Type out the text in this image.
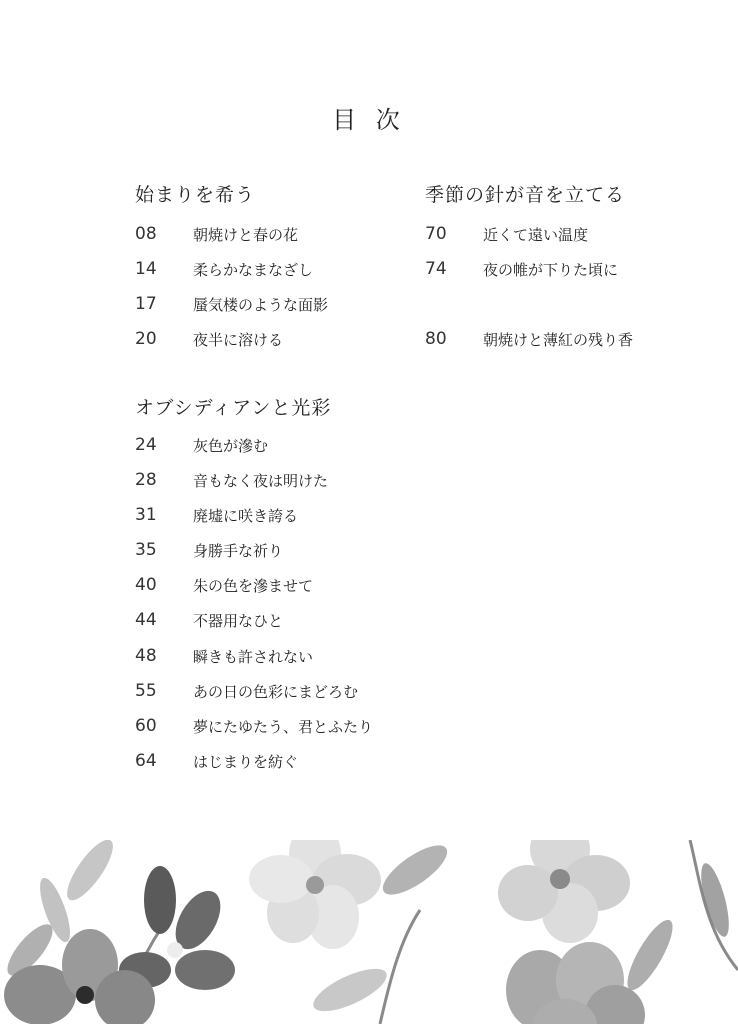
目 次
始まりを希う
08	朝焼けと春の花
14	柔らかなまなざし
17	蜃気楼のような面影
20	夜半に溶ける
オブシディアンと光彩
24	灰色が滲む
28	音もなく夜は明けた
31	廃墟に咲き誇る
35	身勝手な祈り
40	朱の色を滲ませて
44	不器用なひと
48	瞬きも許されない
55	あの日の色彩にまどろむ
60	夢にたゆたう、君とふたり
64	はじまりを紡ぐ
季節の針が音を立てる
70	近くて遠い温度
74	夜の帷が下りた頃に
80	朝焼けと薄紅の残り香
